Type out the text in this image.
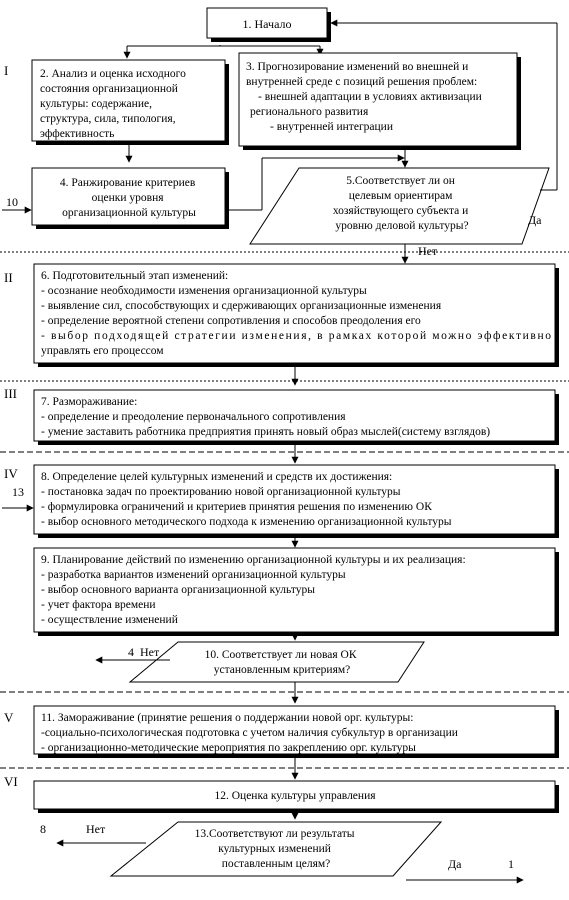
I
II
III
IV
V
VI
1. Начало
2. Анализ и оценка исходного состояния организационной культуры: содержание, структура, сила, типология, эффективность
3. Прогнозирование изменений во внешней и внутренней среде с позиций решения проблем: - внешней адаптации в условиях активизации регионального развития - внутренней интеграции
4. Ранжирование критериев оценки уровня организационной культуры
10
5.Соответствует ли он целевым ориентирам хозяйствующего субъекта и уровню деловой культуры?	Да
Нет
6. Подготовительный этап изменений: - осознание необходимости изменения организационной культуры - выявление сил, способствующих и сдерживающих организационные изменения - определение вероятной степени сопротивления и способов преодоления его - выбор подходящей стратегии изменения, в рамках которой можно эффективно управлять его процессом
7. Размораживание: - определение и преодоление первоначального сопротивления - умение заставить работника предприятия принять новый образ мыслей(систему взглядов)
8. Определение целей культурных изменений и средств их достижения: - постановка задач по проектированию новой организационной культуры - формулировка ограничений и критериев принятия решения по изменению ОК - выбор основного методического подхода к изменению организационной культуры
13
9. Планирование действий по изменению организационной культуры и их реализация: - разработка вариантов изменений организационной культуры - выбор основного варианта организационной культуры - учет фактора времени - осуществление изменений
10. Соответствует ли новая ОК установленным критериям?
4 Нет
11. Замораживание (принятие решения о поддержании новой орг. культуры: -социально-психологическая подготовка с учетом наличия субкультур в организации - организационно-методические мероприятия по закреплению орг. культуры
12. Оценка культуры управления
13.Соответствуют ли результаты культурных изменений поставленным целям?
8	Нет
Да	1
